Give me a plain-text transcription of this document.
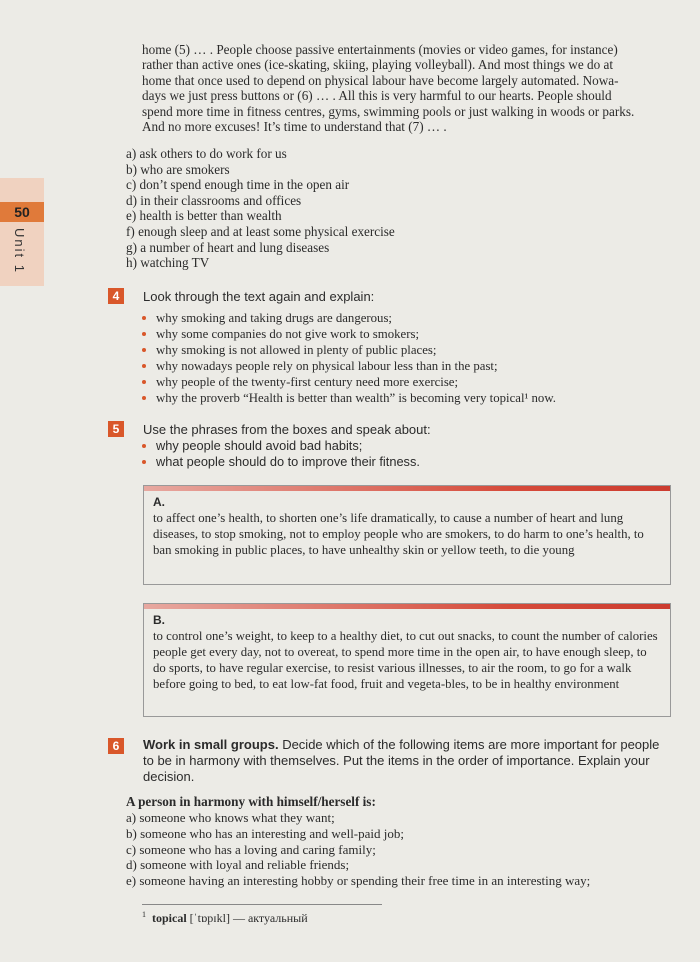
50
Unit 1
home (5) … . People choose passive entertainments (movies or video games, for instance)
rather than active ones (ice-skating, skiing, playing volleyball). And most things we do at
home that once used to depend on physical labour have become largely automated. Nowa-
days we just press buttons or (6) … . All this is very harmful to our hearts. People should
spend more time in fitness centres, gyms, swimming pools or just walking in woods or parks.
And no more excuses! It’s time to understand that (7) … .
a) ask others to do work for us
b) who are smokers
c) don’t spend enough time in the open air
d) in their classrooms and offices
e) health is better than wealth
f) enough sleep and at least some physical exercise
g) a number of heart and lung diseases
h) watching TV
4	Look through the text again and explain:
why smoking and taking drugs are dangerous;
why some companies do not give work to smokers;
why smoking is not allowed in plenty of public places;
why nowadays people rely on physical labour less than in the past;
why people of the twenty-first century need more exercise;
why the proverb “Health is better than wealth” is becoming very topical¹ now.
5	Use the phrases from the boxes and speak about:
why people should avoid bad habits;
what people should do to improve their fitness.
A.
to affect one’s health, to shorten one’s life dramatically, to cause a number of heart and lung diseases, to stop smoking, not to employ people who are smokers, to do harm to one’s health, to ban smoking in public places, to have unhealthy skin or yellow teeth, to die young
B.
to control one’s weight, to keep to a healthy diet, to cut out snacks, to count the number of calories people get every day, not to overeat, to spend more time in the open air, to have enough sleep, to do sports, to have regular exercise, to resist various illnesses, to air the room, to go for a walk before going to bed, to eat low-fat food, fruit and vegeta-bles, to be in healthy environment
6	Work in small groups. Decide which of the following items are more important for people to be in harmony with themselves. Put the items in the order of importance. Explain your decision.
A person in harmony with himself/herself is:
a) someone who knows what they want;
b) someone who has an interesting and well-paid job;
c) someone who has a loving and caring family;
d) someone with loyal and reliable friends;
e) someone having an interesting hobby or spending their free time in an interesting way;
$^1$ topical [ˈtɒpɪkl] — актуальный
